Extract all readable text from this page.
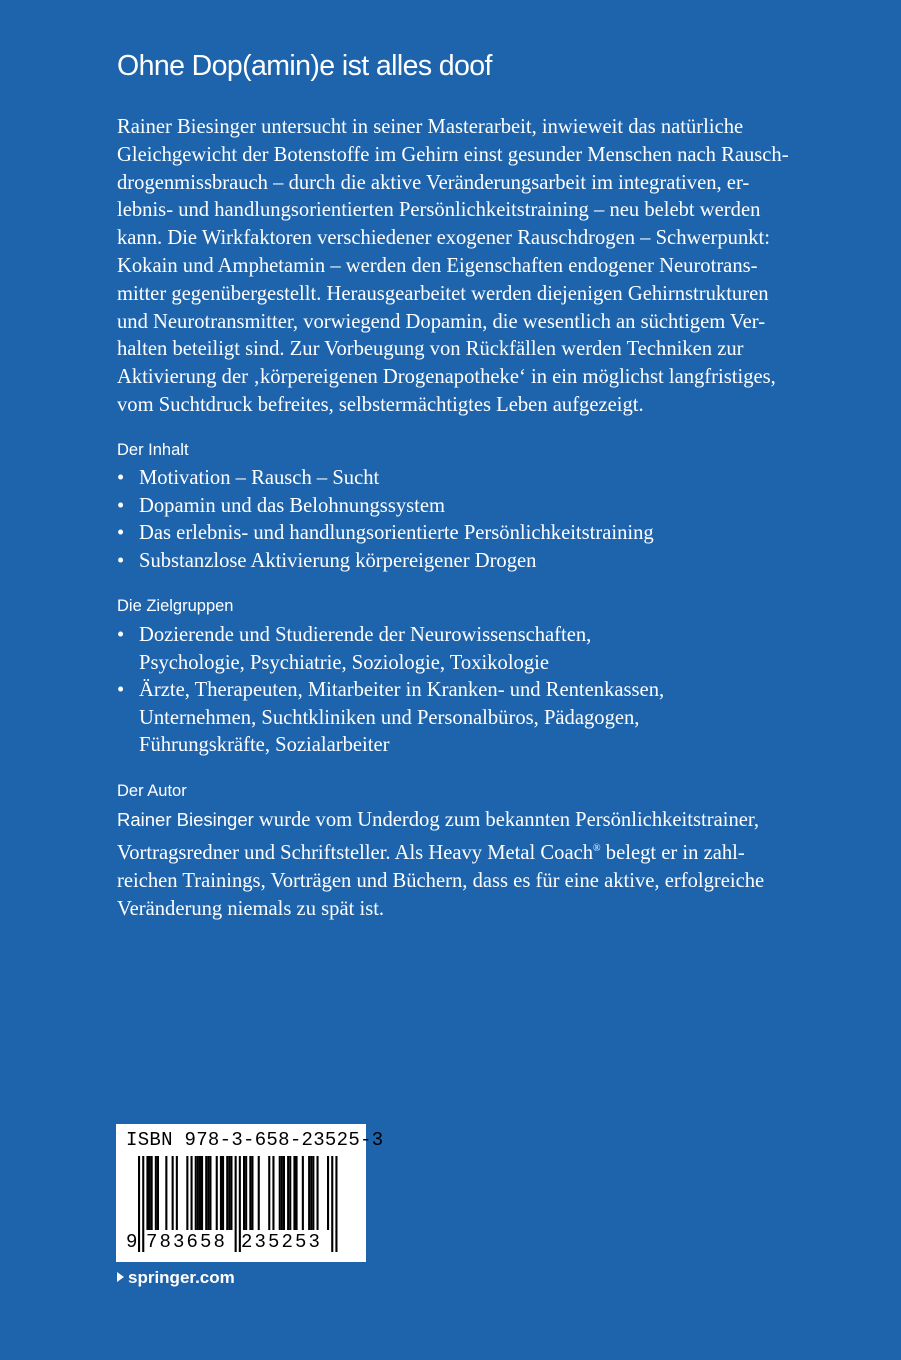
Ohne Dop(amin)e ist alles doof
Rainer Biesinger untersucht in seiner Masterarbeit, inwieweit das natürliche
Gleichgewicht der Botenstoffe im Gehirn einst gesunder Menschen nach Rausch-
drogenmissbrauch – durch die aktive Veränderungsarbeit im integrativen, er-
lebnis- und handlungsorientierten Persönlichkeitstraining – neu belebt werden
kann. Die Wirkfaktoren verschiedener exogener Rauschdrogen – Schwerpunkt:
Kokain und Amphetamin – werden den Eigenschaften endogener Neurotrans-
mitter gegenübergestellt. Herausgearbeitet werden diejenigen Gehirnstrukturen
und Neurotransmitter, vorwiegend Dopamin, die wesentlich an süchtigem Ver-
halten beteiligt sind. Zur Vorbeugung von Rückfällen werden Techniken zur
Aktivierung der ‚körpereigenen Drogenapotheke‘ in ein möglichst langfristiges,
vom Suchtdruck befreites, selbstermächtigtes Leben aufgezeigt.
Der Inhalt
• Motivation – Rausch – Sucht
• Dopamin und das Belohnungssystem
• Das erlebnis- und handlungsorientierte Persönlichkeitstraining
• Substanzlose Aktivierung körpereigener Drogen
Die Zielgruppen
• Dozierende und Studierende der Neurowissenschaften,
Psychologie, Psychiatrie, Soziologie, Toxikologie
• Ärzte, Therapeuten, Mitarbeiter in Kranken- und Rentenkassen,
Unternehmen, Suchtkliniken und Personalbüros, Pädagogen,
Führungskräfte, Sozialarbeiter
Der Autor
Rainer Biesinger wurde vom Underdog zum bekannten Persönlichkeitstrainer,
Vortragsredner und Schriftsteller. Als Heavy Metal Coach® belegt er in zahl-
reichen Trainings, Vorträgen und Büchern, dass es für eine aktive, erfolgreiche
Veränderung niemals zu spät ist.
ISBN 978-3-658-23525-3
9 783658 235253
springer.com
